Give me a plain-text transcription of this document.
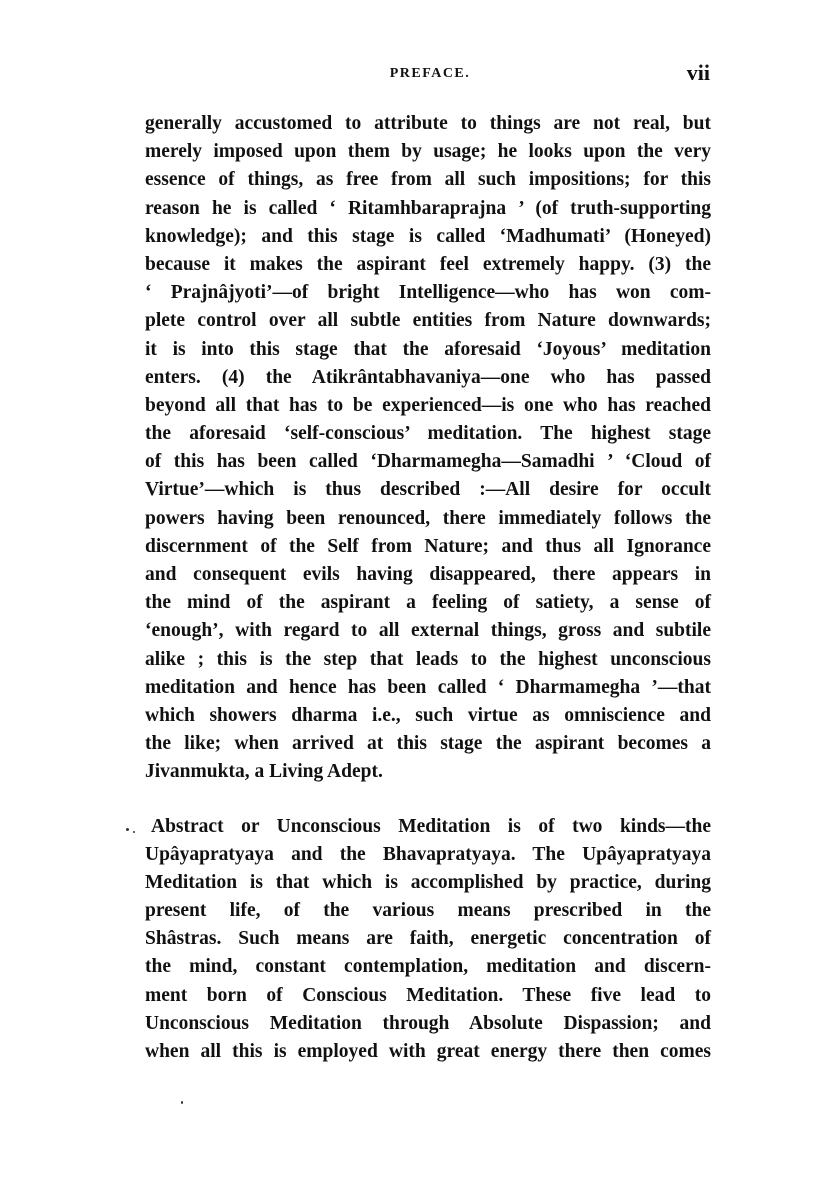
PREFACE.	vii
generally accustomed to attribute to things are not real, but
merely imposed upon them by usage; he looks upon the very
essence of things, as free from all such impositions; for this
reason he is called ‘ Ritamhbaraprajna ’ (of truth-supporting
knowledge); and this stage is called ‘Madhumati’ (Honeyed)
because it makes the aspirant feel extremely happy. (3) the
‘ Prajnâjyoti’—of bright Intelligence—who has won com-
plete control over all subtle entities from Nature downwards;
it is into this stage that the aforesaid ‘Joyous’ meditation
enters. (4) the Atikrântabhavaniya—one who has passed
beyond all that has to be experienced—is one who has reached
the aforesaid ‘self-conscious’ meditation. The highest stage
of this has been called ‘Dharmamegha—Samadhi ’ ‘Cloud of
Virtue’—which is thus described :—All desire for occult
powers having been renounced, there immediately follows the
discernment of the Self from Nature; and thus all Ignorance
and consequent evils having disappeared, there appears in
the mind of the aspirant a feeling of satiety, a sense of
‘enough’, with regard to all external things, gross and subtile
alike ; this is the step that leads to the highest unconscious
meditation and hence has been called ‘ Dharmamegha ’—that
which showers dharma i.e., such virtue as omniscience and
the like; when arrived at this stage the aspirant becomes a
Jivanmukta, a Living Adept.
Abstract or Unconscious Meditation is of two kinds—the
Upâyapratyaya and the Bhavapratyaya. The Upâyapratyaya
Meditation is that which is accomplished by practice, during
present life, of the various means prescribed in the
Shâstras. Such means are faith, energetic concentration of
the mind, constant contemplation, meditation and discern-
ment born of Conscious Meditation. These five lead to
Unconscious Meditation through Absolute Dispassion; and
when all this is employed with great energy there then comes
